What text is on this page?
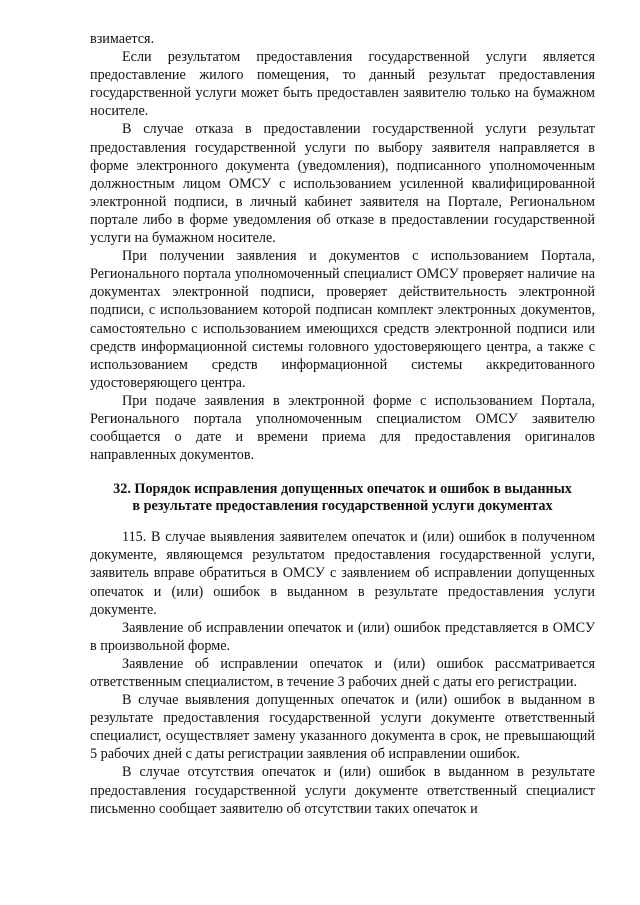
взимается.

Если результатом предоставления государственной услуги является предоставление жилого помещения, то данный результат предоставления государственной услуги может быть предоставлен заявителю только на бумажном носителе.

В случае отказа в предоставлении государственной услуги результат предоставления государственной услуги по выбору заявителя направляется в форме электронного документа (уведомления), подписанного уполномоченным должностным лицом ОМСУ с использованием усиленной квалифицированной электронной подписи, в личный кабинет заявителя на Портале, Региональном портале либо в форме уведомления об отказе в предоставлении государственной услуги на бумажном носителе.

При получении заявления и документов с использованием Портала, Регионального портала уполномоченный специалист ОМСУ проверяет наличие на документах электронной подписи, проверяет действительность электронной подписи, с использованием которой подписан комплект электронных документов, самостоятельно с использованием имеющихся средств электронной подписи или средств информационной системы головного удостоверяющего центра, а также с использованием средств информационной системы аккредитованного удостоверяющего центра.

При подаче заявления в электронной форме с использованием Портала, Регионального портала уполномоченным специалистом ОМСУ заявителю сообщается о дате и времени приема для предоставления оригиналов направленных документов.

32. Порядок исправления допущенных опечаток и ошибок в выданных в результате предоставления государственной услуги документах

115. В случае выявления заявителем опечаток и (или) ошибок в полученном документе, являющемся результатом предоставления государственной услуги, заявитель вправе обратиться в ОМСУ с заявлением об исправлении допущенных опечаток и (или) ошибок в выданном в результате предоставления услуги документе.

Заявление об исправлении опечаток и (или) ошибок представляется в ОМСУ в произвольной форме.

Заявление об исправлении опечаток и (или) ошибок рассматривается ответственным специалистом, в течение 3 рабочих дней с даты его регистрации.

В случае выявления допущенных опечаток и (или) ошибок в выданном в результате предоставления государственной услуги документе ответственный специалист, осуществляет замену указанного документа в срок, не превышающий 5 рабочих дней с даты регистрации заявления об исправлении ошибок.

В случае отсутствия опечаток и (или) ошибок в выданном в результате предоставления государственной услуги документе ответственный специалист письменно сообщает заявителю об отсутствии таких опечаток и
